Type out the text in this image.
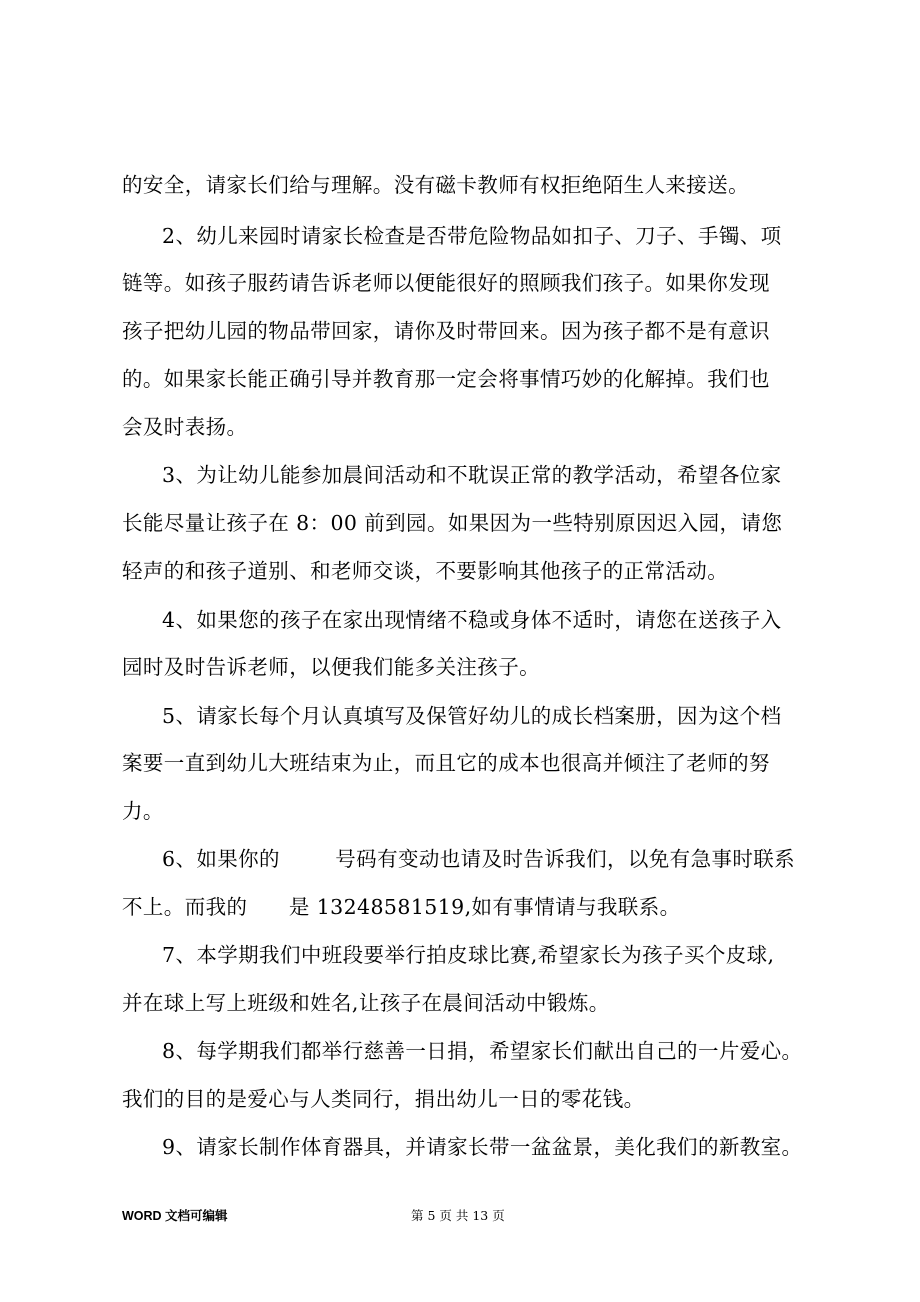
的安全，请家长们给与理解。没有磁卡教师有权拒绝陌生人来接送。
2、幼儿来园时请家长检查是否带危险物品如扣子、刀子、手镯、项
链等。如孩子服药请告诉老师以便能很好的照顾我们孩子。如果你发现
孩子把幼儿园的物品带回家，请你及时带回来。因为孩子都不是有意识
的。如果家长能正确引导并教育那一定会将事情巧妙的化解掉。我们也
会及时表扬。
3、为让幼儿能参加晨间活动和不耽误正常的教学活动，希望各位家
长能尽量让孩子在 8：00 前到园。如果因为一些特别原因迟入园，请您
轻声的和孩子道别、和老师交谈，不要影响其他孩子的正常活动。
4、如果您的孩子在家出现情绪不稳或身体不适时，请您在送孩子入
园时及时告诉老师，以便我们能多关注孩子。
5、请家长每个月认真填写及保管好幼儿的成长档案册，因为这个档
案要一直到幼儿大班结束为止，而且它的成本也很高并倾注了老师的努
力。
6、如果你的        号码有变动也请及时告诉我们，以免有急事时联系
不上。而我的      是 13248581519,如有事情请与我联系。
7、本学期我们中班段要举行拍皮球比赛,希望家长为孩子买个皮球,
并在球上写上班级和姓名,让孩子在晨间活动中锻炼。
8、每学期我们都举行慈善一日捐，希望家长们献出自己的一片爱心。
我们的目的是爱心与人类同行，捐出幼儿一日的零花钱。
9、请家长制作体育器具，并请家长带一盆盆景，美化我们的新教室。
WORD 文档可编辑	第 5 页 共 13 页
